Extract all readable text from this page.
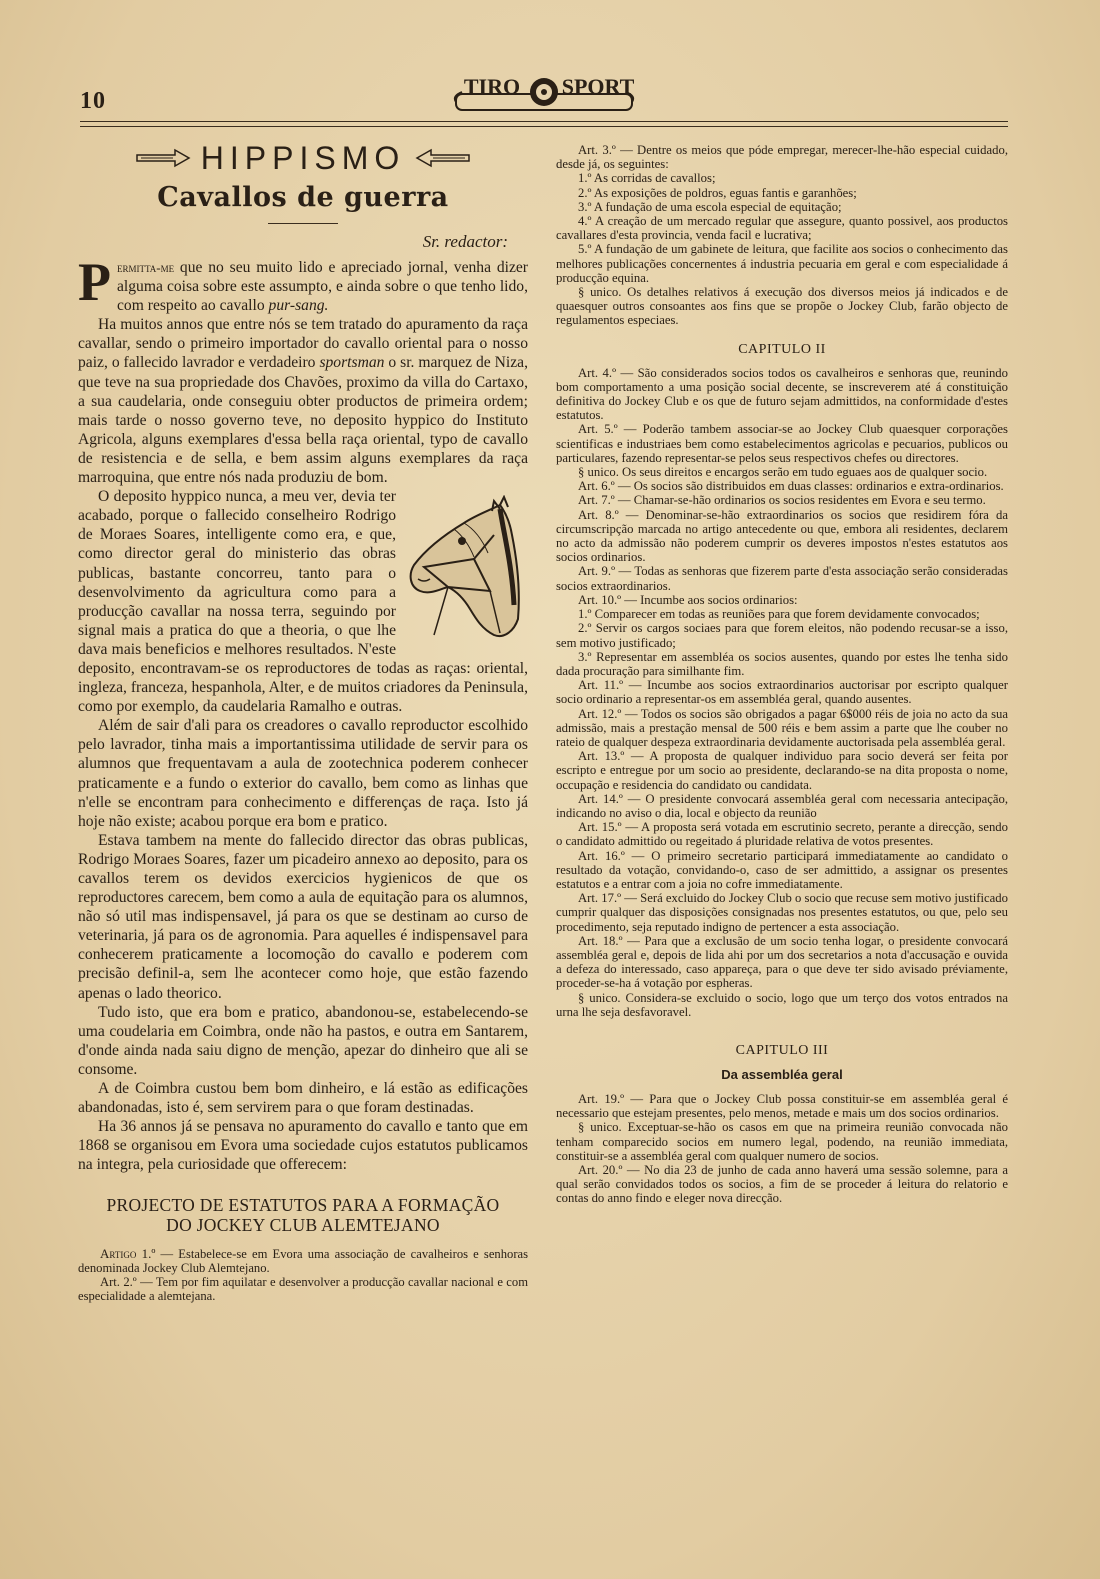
10
TIRO SPORT
HIPPISMO
Cavallos de guerra
Sr. redactor:

Permitta-me que no seu muito lido e apreciado jornal, venha dizer alguma coisa sobre este assumpto, e ainda sobre o que tenho lido, com respeito ao cavallo pur-sang.

Ha muitos annos que entre nós se tem tratado do apuramento da raça cavallar, sendo o primeiro importador do cavallo oriental para o nosso paiz, o fallecido lavrador e verdadeiro sportsman o sr. marquez de Niza, que teve na sua propriedade dos Chavões, proximo da villa do Cartaxo, a sua caudelaria, onde conseguiu obter productos de primeira ordem; mais tarde o nosso governo teve, no deposito hyppico do Instituto Agricola, alguns exemplares d'essa bella raça oriental, typo de cavallo de resistencia e de sella, e bem assim alguns exemplares da raça marroquina, que entre nós nada produziu de bom.

O deposito hyppico nunca, a meu ver, devia ter acabado, porque o fallecido conselheiro Rodrigo de Moraes Soares, intelligente como era, e que, como director geral do ministerio das obras publicas, bastante concorreu, tanto para o desenvolvimento da agricultura como para a producção cavallar na nossa terra, seguindo por signal mais a pratica do que a theoria, o que lhe dava mais beneficios e melhores resultados. N'este deposito, encontravam-se os reproductores de todas as raças: oriental, ingleza, franceza, hespanhola, Alter, e de muitos criadores da Peninsula, como por exemplo, da caudelaria Ramalho e outras.

Além de sair d'ali para os creadores o cavallo reproductor escolhido pelo lavrador, tinha mais a importantissima utilidade de servir para os alumnos que frequentavam a aula de zootechnica poderem conhecer praticamente e a fundo o exterior do cavallo, bem como as linhas que n'elle se encontram para conhecimento e differenças de raça. Isto já hoje não existe; acabou porque era bom e pratico.

Estava tambem na mente do fallecido director das obras publicas, Rodrigo Moraes Soares, fazer um picadeiro annexo ao deposito, para os cavallos terem os devidos exercicios hygienicos de que os reproductores carecem, bem como a aula de equitação para os alumnos, não só util mas indispensavel, já para os que se destinam ao curso de veterinaria, já para os de agronomia. Para aquelles é indispensavel para conhecerem praticamente a locomoção do cavallo e poderem com precisão definil-a, sem lhe acontecer como hoje, que estão fazendo apenas o lado theorico.

Tudo isto, que era bom e pratico, abandonou-se, estabelecendo-se uma coudelaria em Coimbra, onde não ha pastos, e outra em Santarem, d'onde ainda nada saiu digno de menção, apezar do dinheiro que ali se consome.

A de Coimbra custou bem bom dinheiro, e lá estão as edificações abandonadas, isto é, sem servirem para o que foram destinadas.

Ha 36 annos já se pensava no apuramento do cavallo e tanto que em 1868 se organisou em Evora uma sociedade cujos estatutos publicamos na integra, pela curiosidade que offerecem:

PROJECTO DE ESTATUTOS PARA A FORMAÇÃO
DO JOCKEY CLUB ALEMTEJANO

Artigo 1.º — Estabelece-se em Evora uma associação de cavalheiros e senhoras denominada Jockey Club Alemtejano.

Art. 2.º — Tem por fim aquilatar e desenvolver a producção cavallar nacional e com especialidade a alemtejana.

Art. 3.º — Dentre os meios que póde empregar, merecer-lhe-hão especial cuidado, desde já, os seguintes:

1.º As corridas de cavallos;

2.º As exposições de poldros, eguas fantis e garanhões;

3.º A fundação de uma escola especial de equitação;

4.º A creação de um mercado regular que assegure, quanto possivel, aos productos cavallares d'esta provincia, venda facil e lucrativa;

5.º A fundação de um gabinete de leitura, que facilite aos socios o conhecimento das melhores publicações concernentes á industria pecuaria em geral e com especialidade á producção equina.

§ unico. Os detalhes relativos á execução dos diversos meios já indicados e de quaesquer outros consoantes aos fins que se propõe o Jockey Club, farão objecto de regulamentos especiaes.

CAPITULO II

Art. 4.º — São considerados socios todos os cavalheiros e senhoras que, reunindo bom comportamento a uma posição social decente, se inscreverem até á constituição definitiva do Jockey Club e os que de futuro sejam admittidos, na conformidade d'estes estatutos.

Art. 5.º — Poderão tambem associar-se ao Jockey Club quaesquer corporações scientificas e industriaes bem como estabelecimentos agricolas e pecuarios, publicos ou particulares, fazendo representar-se pelos seus respectivos chefes ou directores.

§ unico. Os seus direitos e encargos serão em tudo eguaes aos de qualquer socio.

Art. 6.º — Os socios são distribuidos em duas classes: ordinarios e extra-ordinarios.

Art. 7.º — Chamar-se-hão ordinarios os socios residentes em Evora e seu termo.

Art. 8.º — Denominar-se-hão extraordinarios os socios que residirem fóra da circumscripção marcada no artigo antecedente ou que, embora ali residentes, declarem no acto da admissão não poderem cumprir os deveres impostos n'estes estatutos aos socios ordinarios.

Art. 9.º — Todas as senhoras que fizerem parte d'esta associação serão consideradas socios extraordinarios.

Art. 10.º — Incumbe aos socios ordinarios:

1.º Comparecer em todas as reuniões para que forem devidamente convocados;

2.º Servir os cargos sociaes para que forem eleitos, não podendo recusar-se a isso, sem motivo justificado;

3.º Representar em assembléa os socios ausentes, quando por estes lhe tenha sido dada procuração para similhante fim.

Art. 11.º — Incumbe aos socios extraordinarios auctorisar por escripto qualquer socio ordinario a representar-os em assembléa geral, quando ausentes.

Art. 12.º — Todos os socios são obrigados a pagar 6$000 réis de joia no acto da sua admissão, mais a prestação mensal de 500 réis e bem assim a parte que lhe couber no rateio de qualquer despeza extraordinaria devidamente auctorisada pela assembléa geral.

Art. 13.º — A proposta de qualquer individuo para socio deverá ser feita por escripto e entregue por um socio ao presidente, declarando-se na dita proposta o nome, occupação e residencia do candidato ou candidata.

Art. 14.º — O presidente convocará assembléa geral com necessaria antecipação, indicando no aviso o dia, local e objecto da reunião

Art. 15.º — A proposta será votada em escrutinio secreto, perante a direcção, sendo o candidato admittido ou regeitado á pluridade relativa de votos presentes.

Art. 16.º — O primeiro secretario participará immediatamente ao candidato o resultado da votação, convidando-o, caso de ser admittido, a assignar os presentes estatutos e a entrar com a joia no cofre immediatamente.

Art. 17.º — Será excluido do Jockey Club o socio que recuse sem motivo justificado cumprir qualquer das disposições consignadas nos presentes estatutos, ou que, pelo seu procedimento, seja reputado indigno de pertencer a esta associação.

Art. 18.º — Para que a exclusão de um socio tenha logar, o presidente convocará assembléa geral e, depois de lida ahi por um dos secretarios a nota d'accusação e ouvida a defeza do interessado, caso appareça, para o que deve ter sido avisado préviamente, proceder-se-ha á votação por espheras.

§ unico. Considera-se excluido o socio, logo que um terço dos votos entrados na urna lhe seja desfavoravel.

CAPITULO III
Da assembléa geral

Art. 19.º — Para que o Jockey Club possa constituir-se em assembléa geral é necessario que estejam presentes, pelo menos, metade e mais um dos socios ordinarios.

§ unico. Exceptuar-se-hão os casos em que na primeira reunião convocada não tenham comparecido socios em numero legal, podendo, na reunião immediata, constituir-se a assembléa geral com qualquer numero de socios.

Art. 20.º — No dia 23 de junho de cada anno haverá uma sessão solemne, para a qual serão convidados todos os socios, a fim de se proceder á leitura do relatorio e contas do anno findo e eleger nova direcção.
